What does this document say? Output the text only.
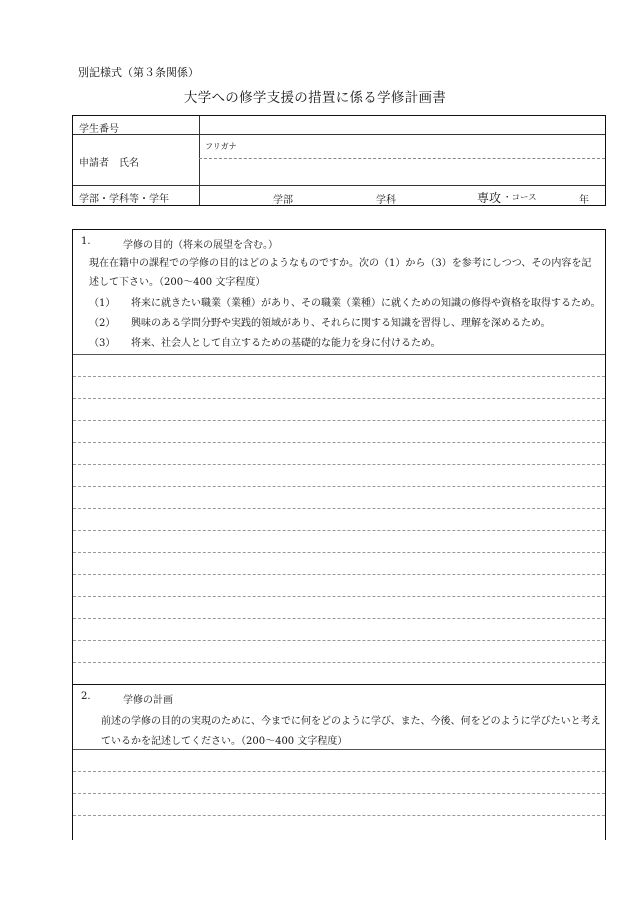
別記様式（第３条関係）
大学への修学支援の措置に係る学修計画書
学生番号
フリガナ
申請者　氏名
学部・学科等・学年	学部	学科	専攻 ・コース	年
1.	学修の目的（将来の展望を含む。）
現在在籍中の課程での学修の目的はどのようなものですか。次の（1）から（3）を参考にしつつ、その内容を記
述して下さい。（200～400 文字程度）
（1） 将来に就きたい職業（業種）があり、その職業（業種）に就くための知識の修得や資格を取得するため。
（2） 興味のある学問分野や実践的領域があり、それらに関する知識を習得し、理解を深めるため。
（3） 将来、社会人として自立するための基礎的な能力を身に付けるため。
2.	学修の計画
前述の学修の目的の実現のために、今までに何をどのように学び、また、今後、何をどのように学びたいと考え
ているかを記述してください。（200～400 文字程度）
